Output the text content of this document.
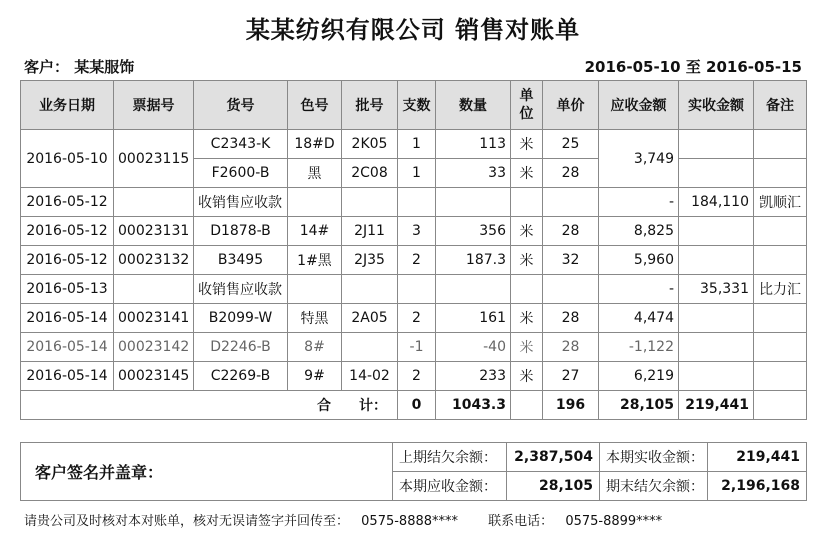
某某纺织有限公司 销售对账单
客户： 某某服饰	2016-05-10 至 2016-05-15
业务日期	票据号	货号	色号	批号	支数	数量	单位	单价	应收金额	实收金额	备注
2016-05-10	00023115	C2343-K	18#D	2K05	1	113	米	25	3,749		
		F2600-B	黑	2C08	1	33	米	28			
2016-05-12		收销售应收款							-	184,110	凯顺汇
2016-05-12	00023131	D1878-B	14#	2J11	3	356	米	28	8,825		
2016-05-12	00023132	B3495	1#黑	2J35	2	187.3	米	32	5,960		
2016-05-13		收销售应收款							-	35,331	比力汇
2016-05-14	00023141	B2099-W	特黑	2A05	2	161	米	28	4,474		
2016-05-14	00023142	D2246-B	8#		-1	-40	米	28	-1,122		
2016-05-14	00023145	C2269-B	9#	14-02	2	233	米	27	6,219		
合　　计：					0	1043.3		196	28,105	219,441	
客户签名并盖章：	上期结欠余额：	2,387,504	本期实收金额：	219,441
	本期应收金额：	28,105	期末结欠余额：	2,196,168
请贵公司及时核对本对账单，核对无误请签字并回传至： 0575-8888**** 联系电话： 0575-8899****
